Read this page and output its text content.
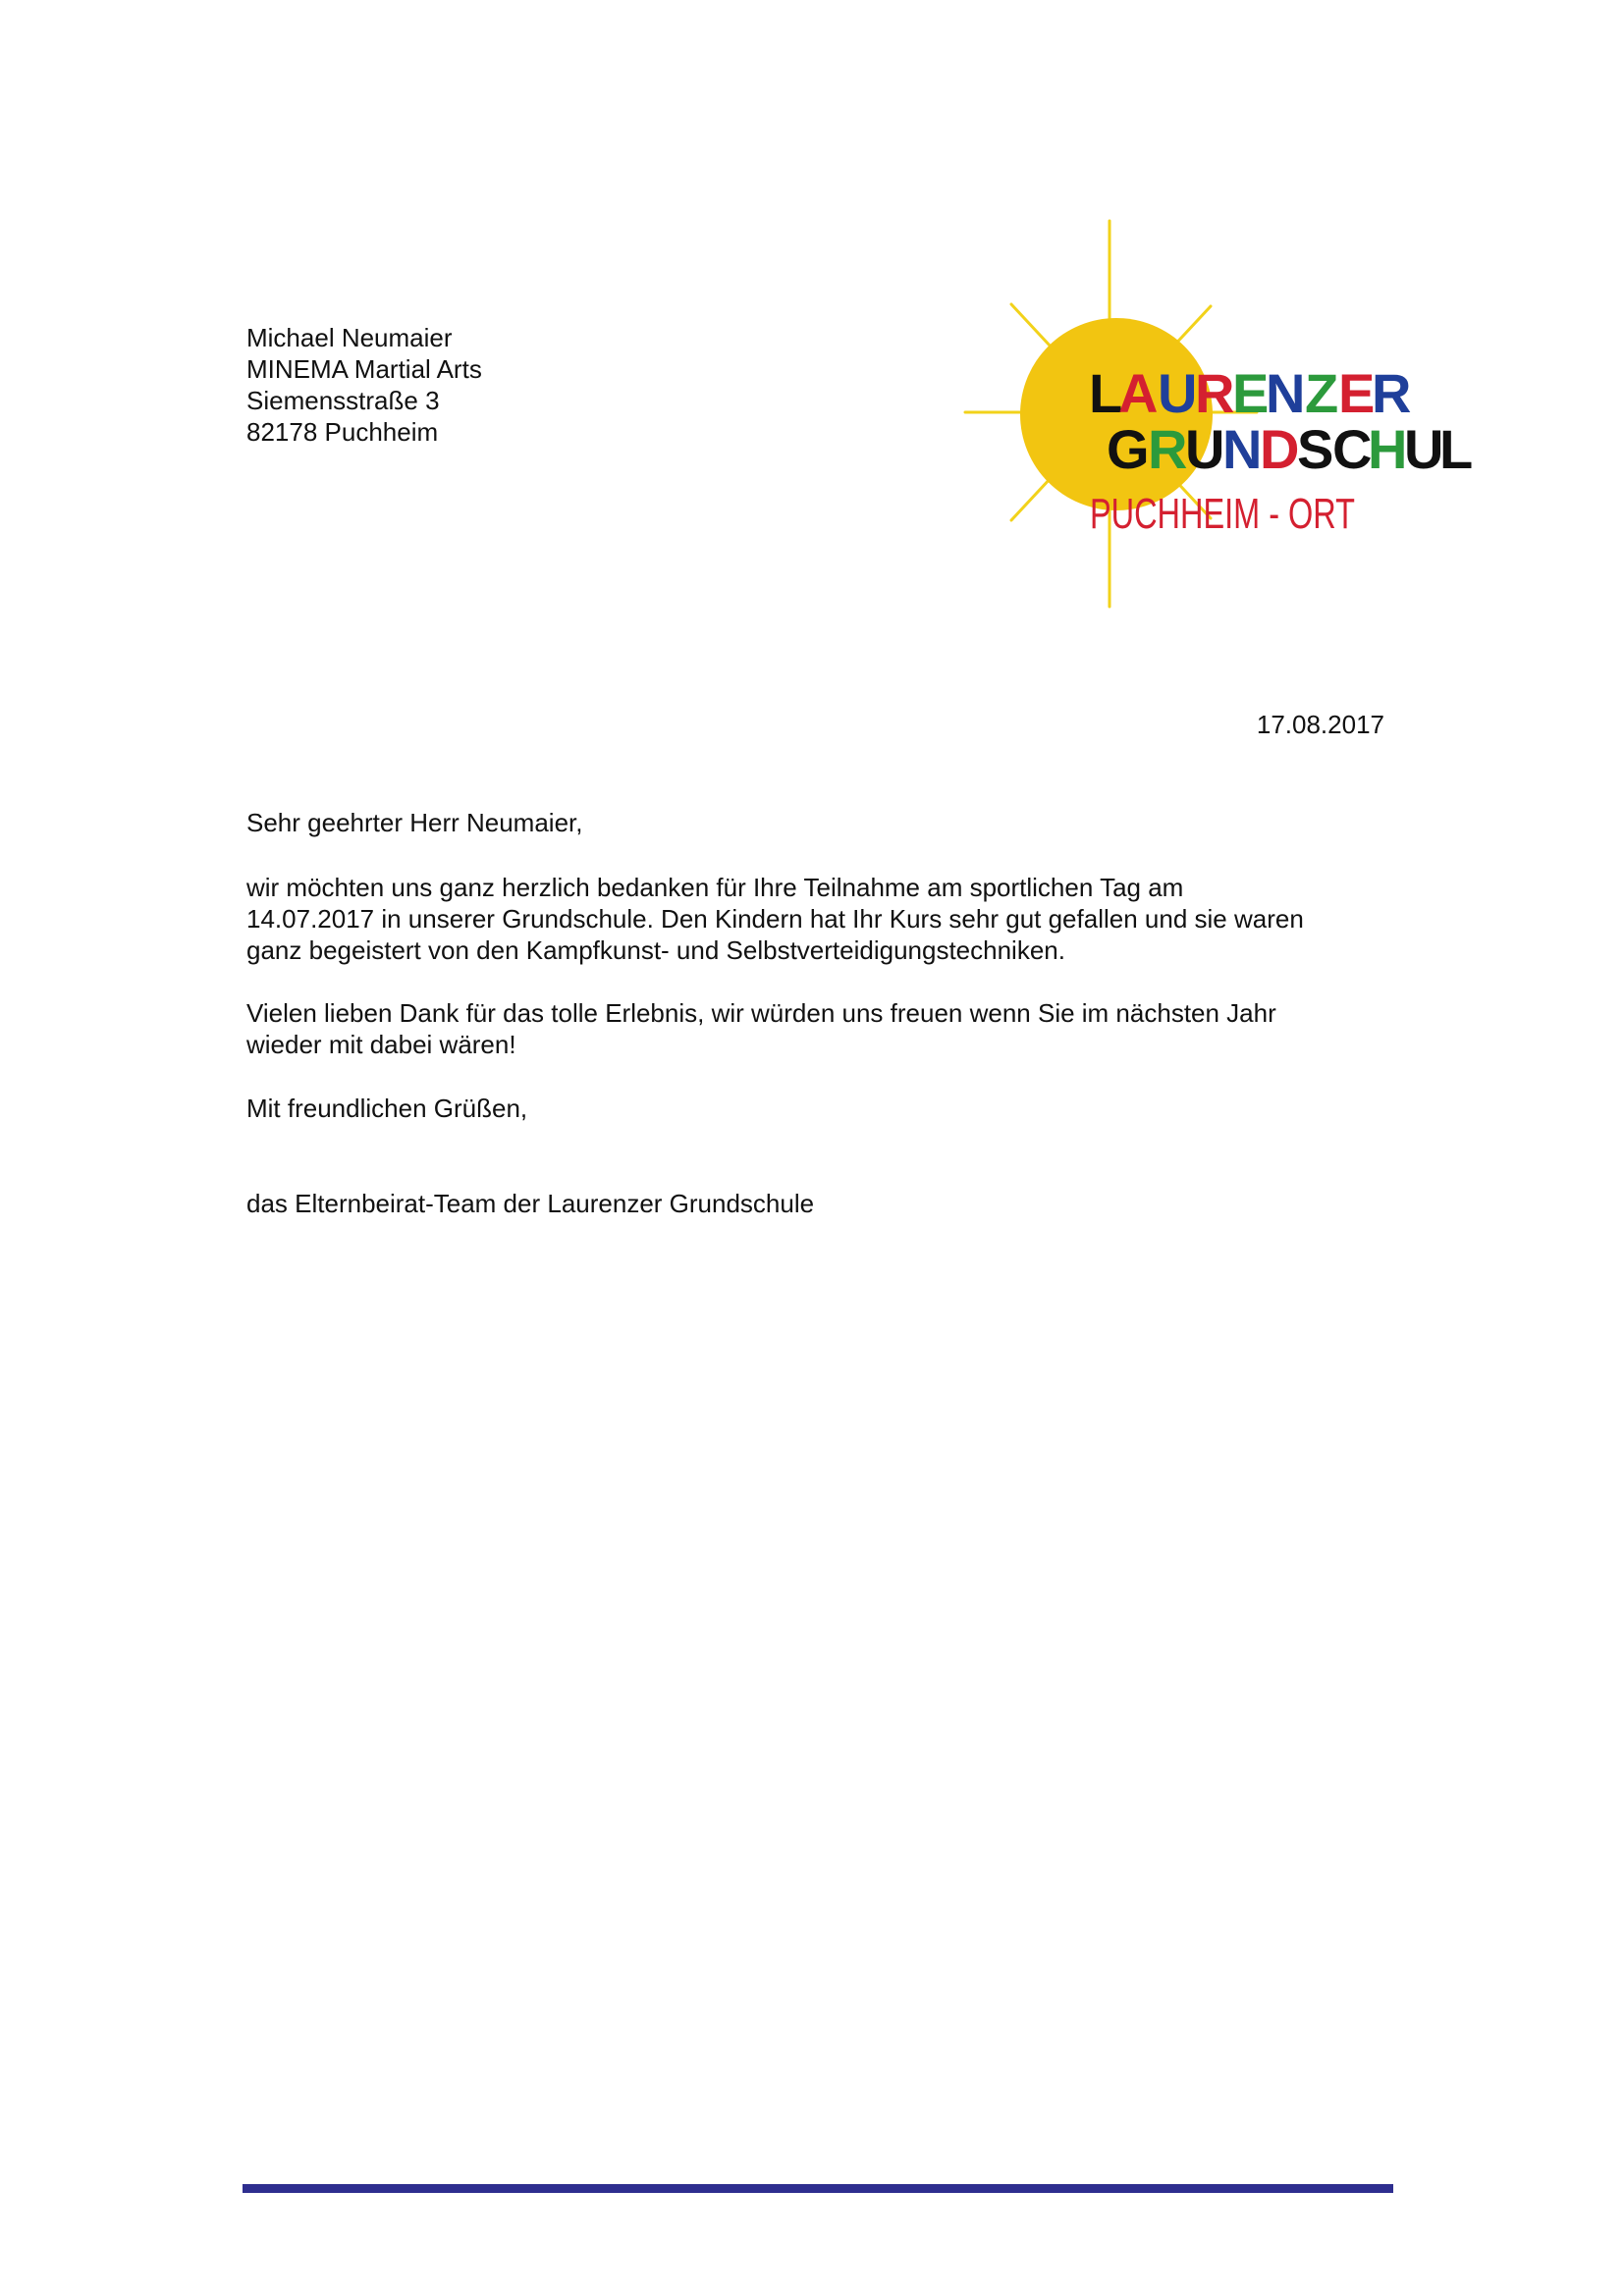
Michael Neumaier
MINEMA Martial Arts
Siemensstraße 3
82178 Puchheim
L
A U
R
E
N Z E
R
G
R
U
N
D
S
C
H
U
L
PUCHHEIM - ORT
17.08.2017
Sehr geehrter Herr Neumaier,
wir möchten uns ganz herzlich bedanken für Ihre Teilnahme am sportlichen Tag am
14.07.2017 in unserer Grundschule. Den Kindern hat Ihr Kurs sehr gut gefallen und sie waren
ganz begeistert von den Kampfkunst- und Selbstverteidigungstechniken.
Vielen lieben Dank für das tolle Erlebnis, wir würden uns freuen wenn Sie im nächsten Jahr
wieder mit dabei wären!
Mit freundlichen Grüßen,
das Elternbeirat-Team der Laurenzer Grundschule
